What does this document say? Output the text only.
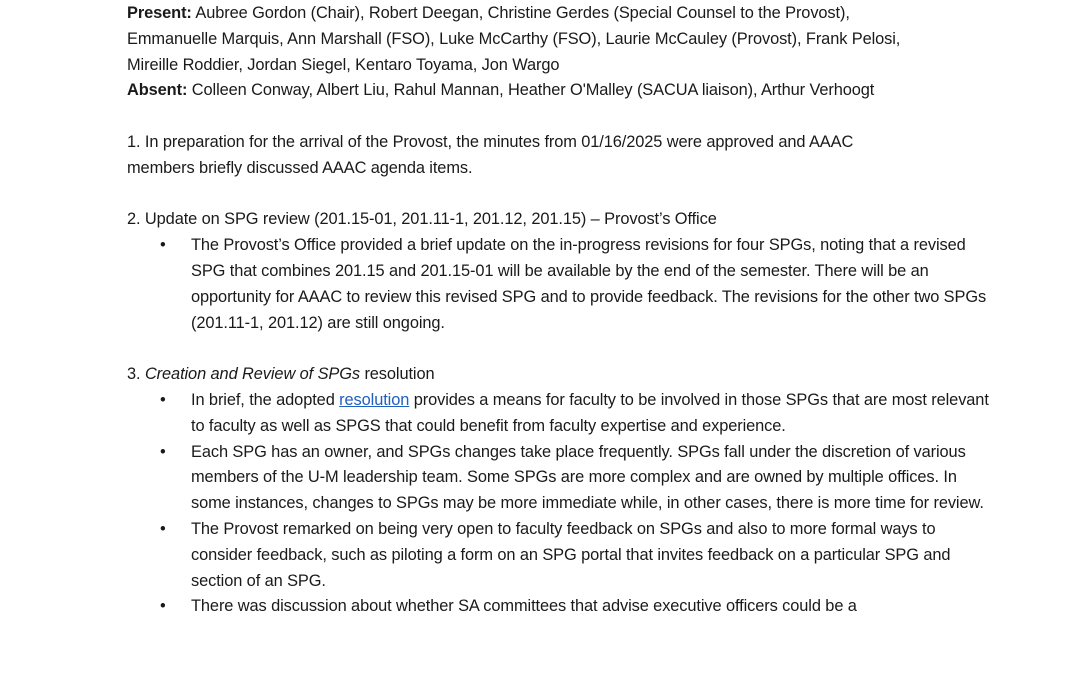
Present: Aubree Gordon (Chair), Robert Deegan, Christine Gerdes (Special Counsel to the Provost),
Emmanuelle Marquis, Ann Marshall (FSO), Luke McCarthy (FSO), Laurie McCauley (Provost), Frank Pelosi,
Mireille Roddier, Jordan Siegel, Kentaro Toyama, Jon Wargo
Absent: Colleen Conway, Albert Liu, Rahul Mannan, Heather O'Malley (SACUA liaison), Arthur Verhoogt
1. In preparation for the arrival of the Provost, the minutes from 01/16/2025 were approved and AAAC
members briefly discussed AAAC agenda items.
2. Update on SPG review (201.15-01, 201.11-1, 201.12, 201.15) – Provost’s Office
• The Provost’s Office provided a brief update on the in-progress revisions for four SPGs, noting that a revised SPG that combines 201.15 and 201.15-01 will be available by the end of the semester. There will be an opportunity for AAAC to review this revised SPG and to provide feedback. The revisions for the other two SPGs (201.11-1, 201.12) are still ongoing.
3. Creation and Review of SPGs resolution
• In brief, the adopted resolution provides a means for faculty to be involved in those SPGs that are most relevant to faculty as well as SPGS that could benefit from faculty expertise and experience.
• Each SPG has an owner, and SPGs changes take place frequently. SPGs fall under the discretion of various members of the U-M leadership team. Some SPGs are more complex and are owned by multiple offices. In some instances, changes to SPGs may be more immediate while, in other cases, there is more time for review.
• The Provost remarked on being very open to faculty feedback on SPGs and also to more formal ways to consider feedback, such as piloting a form on an SPG portal that invites feedback on a particular SPG and section of an SPG.
• There was discussion about whether SA committees that advise executive officers could be a
